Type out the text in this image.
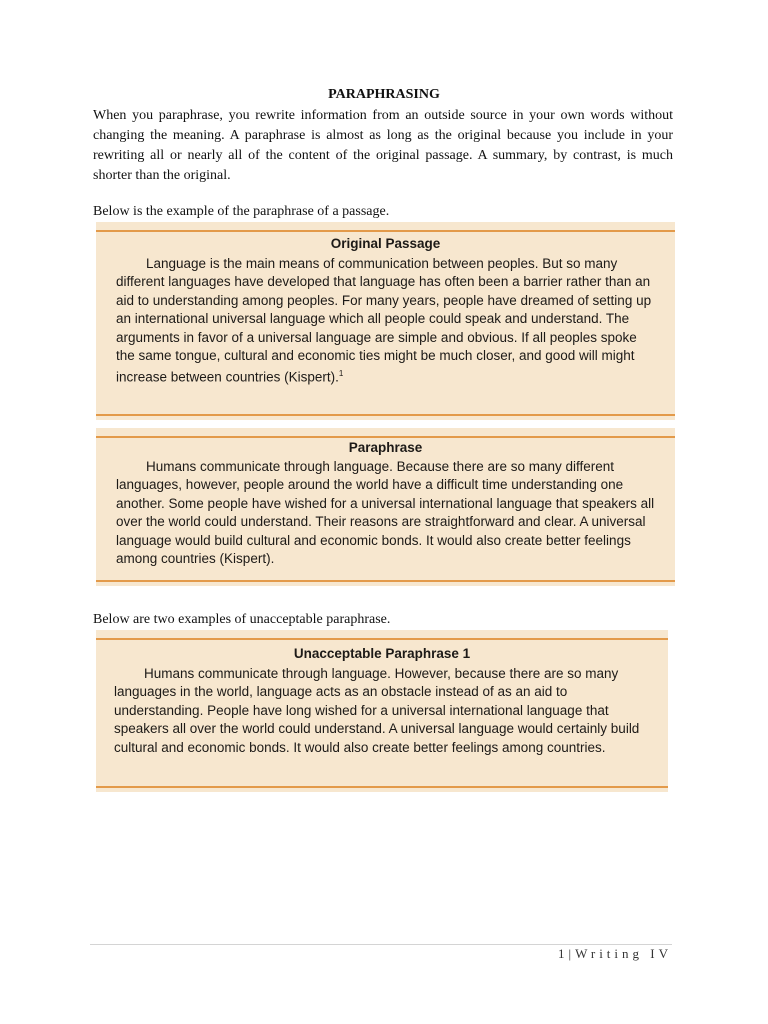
PARAPHRASING
When you paraphrase, you rewrite information from an outside source in your own words without changing the meaning. A paraphrase is almost as long as the original because you include in your rewriting all or nearly all of the content of the original passage. A summary, by contrast, is much shorter than the original.
Below is the example of the paraphrase of a passage.
Original Passage
Language is the main means of communication between peoples. But so many different languages have developed that language has often been a barrier rather than an aid to understanding among peoples. For many years, people have dreamed of setting up an international universal language which all people could speak and understand. The arguments in favor of a universal language are simple and obvious. If all peoples spoke the same tongue, cultural and economic ties might be much closer, and good will might increase between countries (Kispert).$^1$
Paraphrase
Humans communicate through language. Because there are so many different languages, however, people around the world have a difficult time understanding one another. Some people have wished for a universal international language that speakers all over the world could understand. Their reasons are straightforward and clear. A universal language would build cultural and economic bonds. It would also create better feelings among countries (Kispert).
Below are two examples of unacceptable paraphrase.
Unacceptable Paraphrase 1
Humans communicate through language. However, because there are so many languages in the world, language acts as an obstacle instead of as an aid to understanding. People have long wished for a universal international language that speakers all over the world could understand. A universal language would certainly build cultural and economic bonds. It would also create better feelings among countries.
1|Writing IV
